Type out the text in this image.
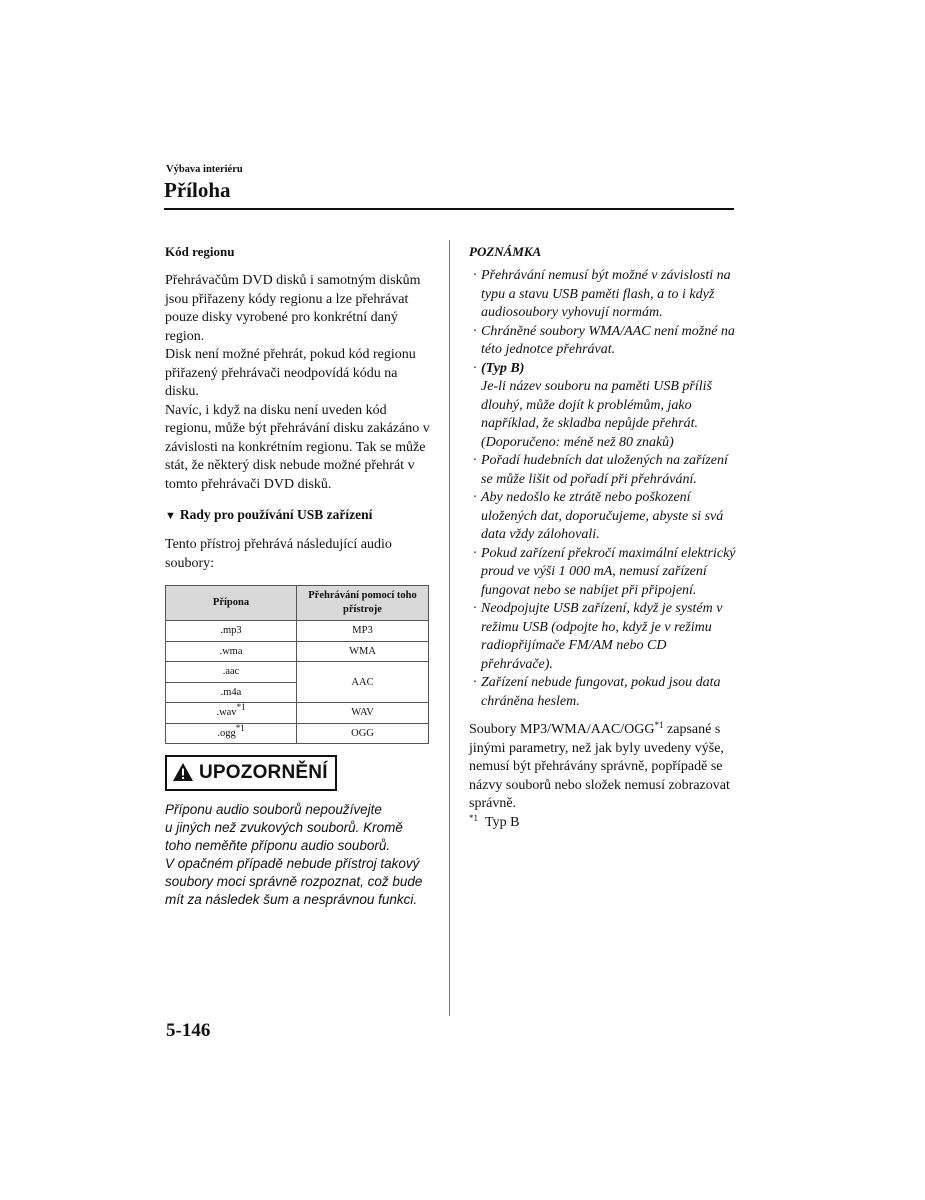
Výbava interiéru
Příloha

Kód regionu

Přehrávačům DVD disků i samotným diskům jsou přiřazeny kódy regionu a lze přehrávat pouze disky vyrobené pro konkrétní daný region.

Disk není možné přehrát, pokud kód regionu přiřazený přehrávači neodpovídá kódu na disku.

Navíc, i když na disku není uveden kód regionu, může být přehrávání disku zakázáno v závislosti na konkrétním regionu. Tak se může stát, že některý disk nebude možné přehrát v tomto přehrávači DVD disků.

▼ Rady pro používání USB zařízení

Tento přístroj přehrává následující audio soubory:

Přípona	Přehrávání pomocí toho přístroje
.mp3	MP3
.wma	WMA
.aac	AAC
.m4a	
.wav$^{*1}$	WAV
.ogg$^{*1}$	OGG
UPOZORNĚNÍ

Příponu audio souborů nepoužívejte
u jiných než zvukových souborů. Kromě
toho neměňte příponu audio souborů.
V opačném případě nebude přístroj takový
soubory moci správně rozpoznat, což bude
mít za následek šum a nesprávnou funkci.

POZNÁMKA

· Přehrávání nemusí být možné v závislosti na typu a stavu USB paměti flash, a to i když audiosoubory vyhovují normám.
· Chráněné soubory WMA/AAC není možné na této jednotce přehrávat.
· (Typ B)
Je-li název souboru na paměti USB příliš dlouhý, může dojít k problémům, jako například, že skladba nepůjde přehrát. (Doporučeno: méně než 80 znaků)
· Pořadí hudebních dat uložených na zařízení se může lišit od pořadí při přehrávání.
· Aby nedošlo ke ztrátě nebo poškození uložených dat, doporučujeme, abyste si svá data vždy zálohovali.
· Pokud zařízení překročí maximální elektrický proud ve výši 1 000 mA, nemusí zařízení fungovat nebo se nabíjet při připojení.
· Neodpojujte USB zařízení, když je systém v režimu USB (odpojte ho, když je v režimu radiopřijímače FM/AM nebo CD přehrávače).
· Zařízení nebude fungovat, pokud jsou data chráněna heslem.

Soubory MP3/WMA/AAC/OGG$^{*1}$ zapsané s jinými parametry, než jak byly uvedeny výše, nemusí být přehrávány správně, popřípadě se názvy souborů nebo složek nemusí zobrazovat správně.

$^{*1}$ Typ B

5-146
